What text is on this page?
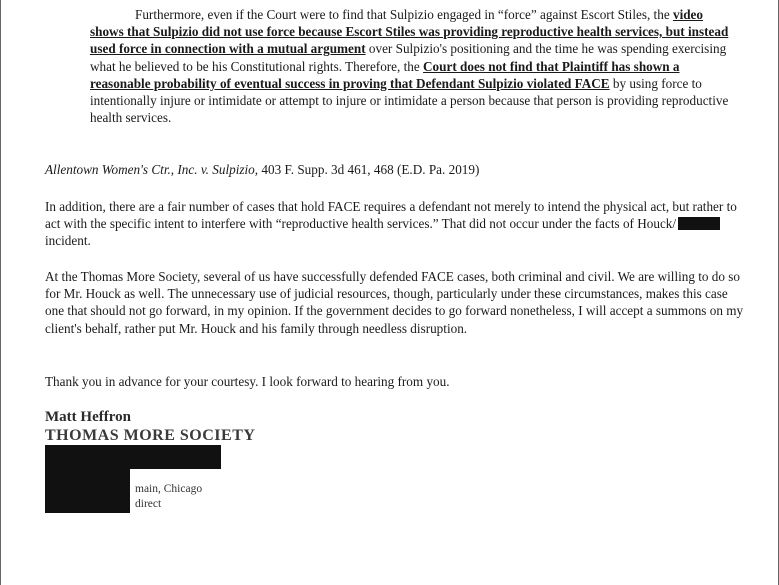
Furthermore, even if the Court were to find that Sulpizio engaged in “force” against Escort Stiles, the video shows that Sulpizio did not use force because Escort Stiles was providing reproductive health services, but instead used force in connection with a mutual argument over Sulpizio's positioning and the time he was spending exercising what he believed to be his Constitutional rights. Therefore, the Court does not find that Plaintiff has shown a reasonable probability of eventual success in proving that Defendant Sulpizio violated FACE by using force to intentionally injure or intimidate or attempt to injure or intimidate a person because that person is providing reproductive health services.
Allentown Women's Ctr., Inc. v. Sulpizio, 403 F. Supp. 3d 461, 468 (E.D. Pa. 2019)
In addition, there are a fair number of cases that hold FACE requires a defendant not merely to intend the physical act, but rather to act with the specific intent to interfere with “reproductive health services.” That did not occur under the facts of Houck/ incident.
At the Thomas More Society, several of us have successfully defended FACE cases, both criminal and civil. We are willing to do so for Mr. Houck as well. The unnecessary use of judicial resources, though, particularly under these circumstances, makes this case one that should not go forward, in my opinion. If the government decides to go forward nonetheless, I will accept a summons on my client's behalf, rather put Mr. Houck and his family through needless disruption.
Thank you in advance for your courtesy. I look forward to hearing from you.
Matt Heffron
THOMAS MORE SOCIETY
main, Chicago
direct
